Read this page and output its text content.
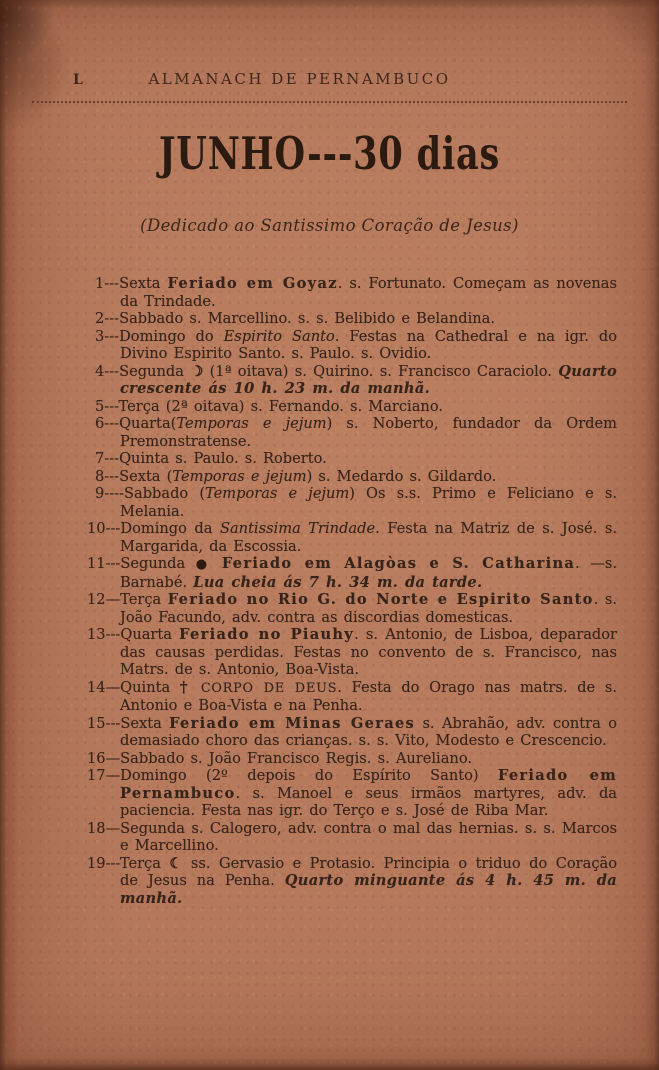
L	ALMANACH DE PERNAMBUCO
JUNHO---30 dias
(Dedicado ao Santissimo Coração de Jesus)

1---Sexta Feriado em Goyaz. s. Fortunato. Começam as novenas da Trindade.

2---Sabbado s. Marcellino. s. s. Belibido e Belandina.

3---Domingo do Espirito Santo. Festas na Cathedral e na igr. do Divino Espirito Santo. s. Paulo. s. Ovidio.

4---Segunda ☽ (1ª oitava) s. Quirino. s. Francisco Caraciolo. Quarto crescente ás 10 h. 23 m. da manhã.

5---Terça (2ª oitava) s. Fernando. s. Marciano.

6---Quarta(Temporas e jejum) s. Noberto, fundador da Ordem Premonstratense.

7---Quinta s. Paulo. s. Roberto.

8---Sexta (Temporas e jejum) s. Medardo s. Gildardo.

9----Sabbado (Temporas e jejum) Os s.s. Primo e Feliciano e s. Melania.

10---Domingo da Santissima Trindade. Festa na Matriz de s. José. s. Margarida, da Escossia.

11---Segunda ● Feriado em Alagòas e S. Catharina. —s. Barnabé. Lua cheia ás 7 h. 34 m. da tarde.

12—Terça Feriado no Rio G. do Norte e Espirito Santo. s. João Facundo, adv. contra as discordias domesticas.

13---Quarta Feriado no Piauhy. s. Antonio, de Lisboa, deparador das causas perdidas. Festas no convento de s. Francisco, nas Matrs. de s. Antonio, Boa-Vista.

14—Quinta † CORPO DE DEUS. Festa do Orago nas matrs. de s. Antonio e Boa-Vista e na Penha.

15---Sexta Feriado em Minas Geraes s. Abrahão, adv. contra o demasiado choro das crianças. s. s. Vito, Modesto e Crescencio.

16—Sabbado s. João Francisco Regis. s. Aureliano.

17—Domingo (2º depois do Espírito Santo) Feriado em Pernambuco. s. Manoel e seus irmãos martyres, adv. da paciencia. Festa nas igr. do Terço e s. José de Riba Mar.

18—Segunda s. Calogero, adv. contra o mal das hernias. s. s. Marcos e Marcellino.

19---Terça ☾ ss. Gervasio e Protasio. Principia o triduo do Coração de Jesus na Penha. Quarto minguante ás 4 h. 45 m. da manhã.
